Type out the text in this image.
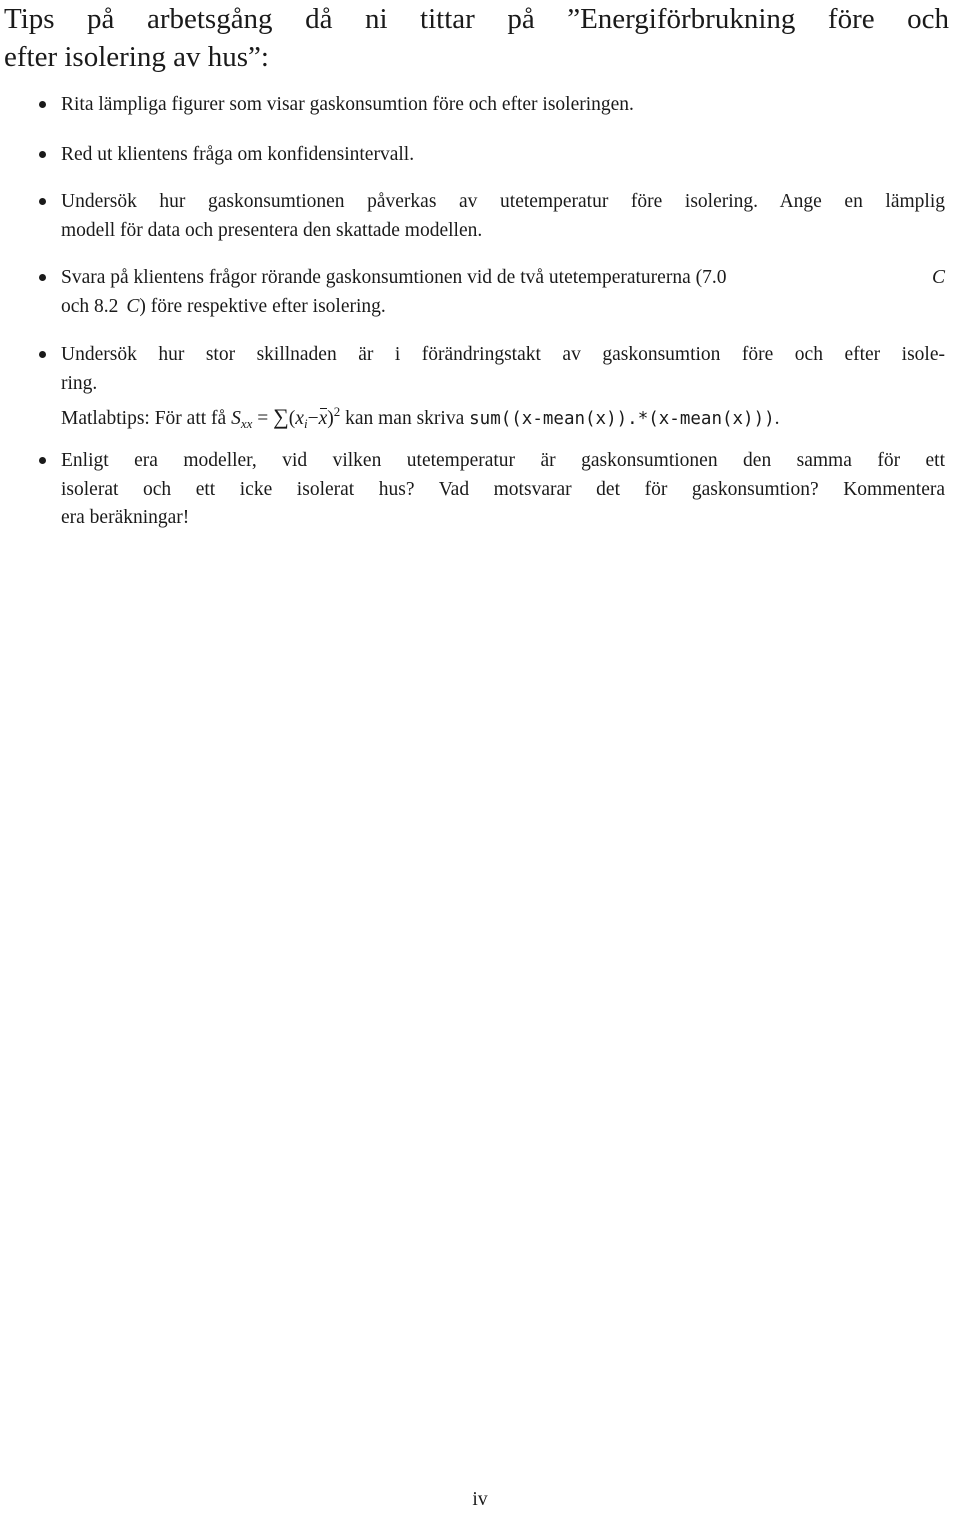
Tips på arbetsgång då ni tittar på ”Energiförbrukning före och
efter isolering av hus”:
Rita lämpliga figurer som visar gaskonsumtion före och efter isoleringen.
Red ut klientens fråga om konfidensintervall.
Undersök hur gaskonsumtionen påverkas av utetemperatur före isolering. Ange en lämplig
modell för data och presentera den skattade modellen.
Svara på klientens frågor rörande gaskonsumtionen vid de två utetemperaturerna (7.0	C
och 8.2 C) före respektive efter isolering.
Undersök hur stor skillnaden är i förändringstakt av gaskonsumtion före och efter isole-
ring.
Matlabtips: För att få $S_{xx} = \sum(x_i-x)^2$ kan man skriva sum((x-mean(x)).*(x-mean(x))).
Enligt era modeller, vid vilken utetemperatur är gaskonsumtionen den samma för ett
isolerat och ett icke isolerat hus? Vad motsvarar det för gaskonsumtion? Kommentera
era beräkningar!
iv
